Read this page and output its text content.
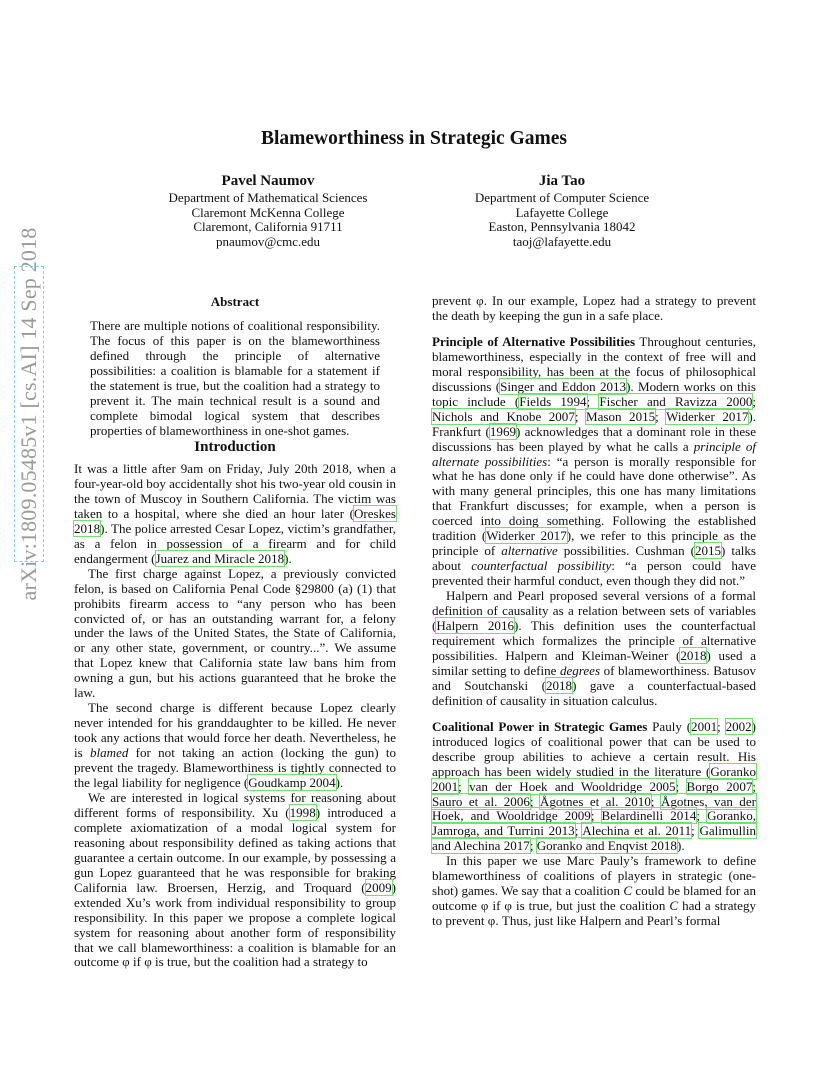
arXiv:1809.05485v1 [cs.AI] 14 Sep 2018
Blameworthiness in Strategic Games
Pavel Naumov
Department of Mathematical Sciences
Claremont McKenna College
Claremont, California 91711
pnaumov@cmc.edu
Jia Tao
Department of Computer Science
Lafayette College
Easton, Pennsylvania 18042
taoj@lafayette.edu
Abstract

There are multiple notions of coalitional responsibility. The focus of this paper is on the blameworthiness defined through the principle of alternative possibilities: a coalition is blamable for a statement if the statement is true, but the coalition had a strategy to prevent it. The main technical result is a sound and complete bimodal logical system that describes properties of blameworthiness in one-shot games.

Introduction

It was a little after 9am on Friday, July 20th 2018, when a four-year-old boy accidentally shot his two-year old cousin in the town of Muscoy in Southern California. The victim was taken to a hospital, where she died an hour later (Oreskes 2018). The police arrested Cesar Lopez, victim’s grandfather, as a felon in possession of a firearm and for child endangerment (Juarez and Miracle 2018).

The first charge against Lopez, a previously convicted felon, is based on California Penal Code §29800 (a) (1) that prohibits firearm access to “any person who has been convicted of, or has an outstanding warrant for, a felony under the laws of the United States, the State of California, or any other state, government, or country...”. We assume that Lopez knew that California state law bans him from owning a gun, but his actions guaranteed that he broke the law.

The second charge is different because Lopez clearly never intended for his granddaughter to be killed. He never took any actions that would force her death. Nevertheless, he is blamed for not taking an action (locking the gun) to prevent the tragedy. Blameworthiness is tightly connected to the legal liability for negligence (Goudkamp 2004).

We are interested in logical systems for reasoning about different forms of responsibility. Xu (1998) introduced a complete axiomatization of a modal logical system for reasoning about responsibility defined as taking actions that guarantee a certain outcome. In our example, by possessing a gun Lopez guaranteed that he was responsible for braking California law. Broersen, Herzig, and Troquard (2009) extended Xu’s work from individual responsibility to group responsibility. In this paper we propose a complete logical system for reasoning about another form of responsibility that we call blameworthiness: a coalition is blamable for an outcome φ if φ is true, but the coalition had a strategy to

prevent φ. In our example, Lopez had a strategy to prevent the death by keeping the gun in a safe place.

Principle of Alternative Possibilities Throughout centuries, blameworthiness, especially in the context of free will and moral responsibility, has been at the focus of philosophical discussions (Singer and Eddon 2013). Modern works on this topic include (Fields 1994; Fischer and Ravizza 2000; Nichols and Knobe 2007; Mason 2015; Widerker 2017). Frankfurt (1969) acknowledges that a dominant role in these discussions has been played by what he calls a principle of alternate possibilities: “a person is morally responsible for what he has done only if he could have done otherwise”. As with many general principles, this one has many limitations that Frankfurt discusses; for example, when a person is coerced into doing something. Following the established tradition (Widerker 2017), we refer to this principle as the principle of alternative possibilities. Cushman (2015) talks about counterfactual possibility: “a person could have prevented their harmful conduct, even though they did not.”

Halpern and Pearl proposed several versions of a formal definition of causality as a relation between sets of variables (Halpern 2016). This definition uses the counterfactual requirement which formalizes the principle of alternative possibilities. Halpern and Kleiman-Weiner (2018) used a similar setting to define degrees of blameworthiness. Batusov and Soutchanski (2018) gave a counterfactual-based definition of causality in situation calculus.

Coalitional Power in Strategic Games Pauly (2001; 2002) introduced logics of coalitional power that can be used to describe group abilities to achieve a certain result. His approach has been widely studied in the literature (Goranko 2001; van der Hoek and Wooldridge 2005; Borgo 2007; Sauro et al. 2006; Ågotnes et al. 2010; Ågotnes, van der Hoek, and Wooldridge 2009; Belardinelli 2014; Goranko, Jamroga, and Turrini 2013; Alechina et al. 2011; Galimullin and Alechina 2017; Goranko and Enqvist 2018).

In this paper we use Marc Pauly’s framework to define blameworthiness of coalitions of players in strategic (one-shot) games. We say that a coalition C could be blamed for an outcome φ if φ is true, but just the coalition C had a strategy to prevent φ. Thus, just like Halpern and Pearl’s formal
